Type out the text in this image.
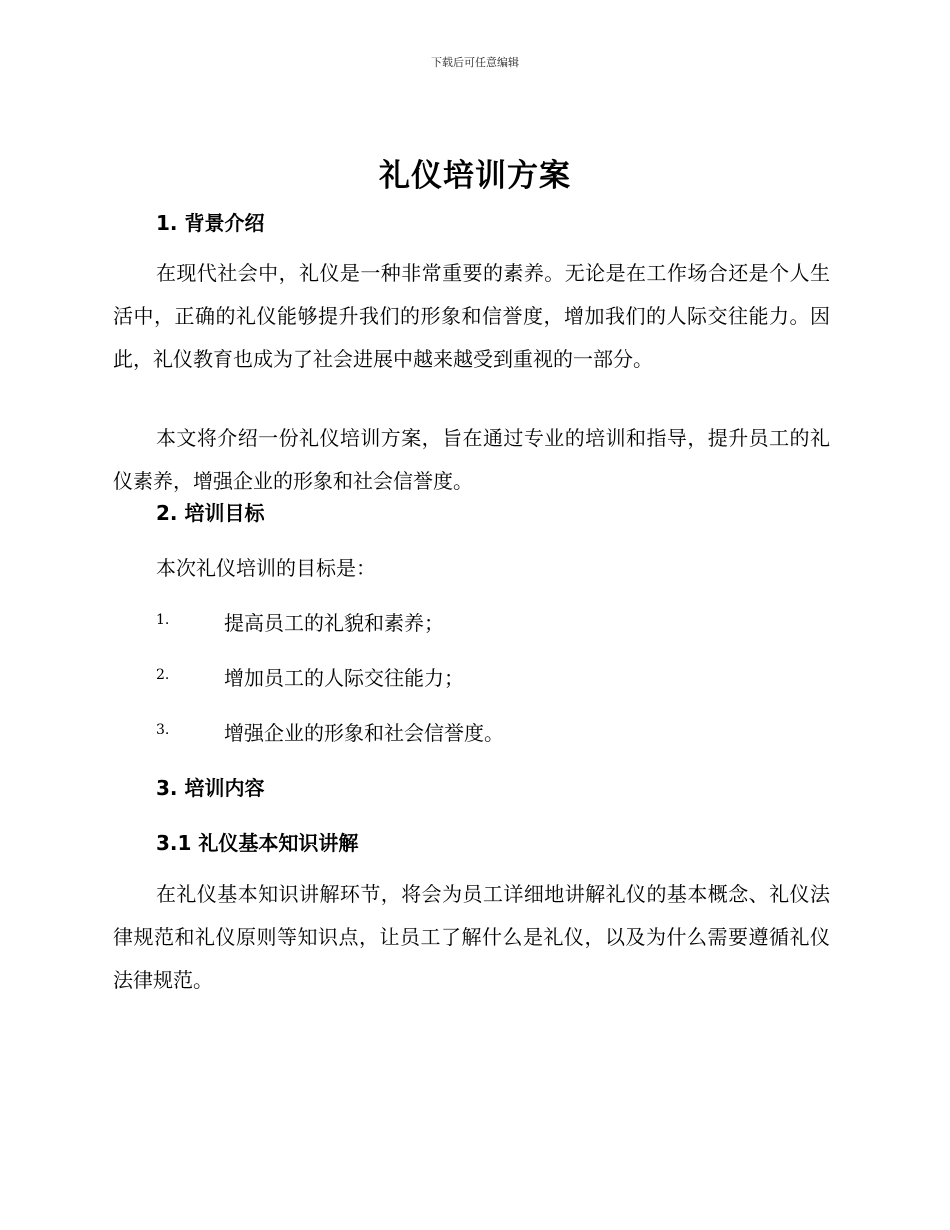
下载后可任意编辑
礼仪培训方案
1. 背景介绍

在现代社会中，礼仪是一种非常重要的素养。无论是在工作场合还是个人生活中，正确的礼仪能够提升我们的形象和信誉度，增加我们的人际交往能力。因此，礼仪教育也成为了社会进展中越来越受到重视的一部分。

本文将介绍一份礼仪培训方案，旨在通过专业的培训和指导，提升员工的礼仪素养，增强企业的形象和社会信誉度。

2. 培训目标

本次礼仪培训的目标是：

1.	提高员工的礼貌和素养；
2.	增加员工的人际交往能力；
3.	增强企业的形象和社会信誉度。
3. 培训内容
3.1 礼仪基本知识讲解

在礼仪基本知识讲解环节，将会为员工详细地讲解礼仪的基本概念、礼仪法律规范和礼仪原则等知识点，让员工了解什么是礼仪，以及为什么需要遵循礼仪法律规范。
